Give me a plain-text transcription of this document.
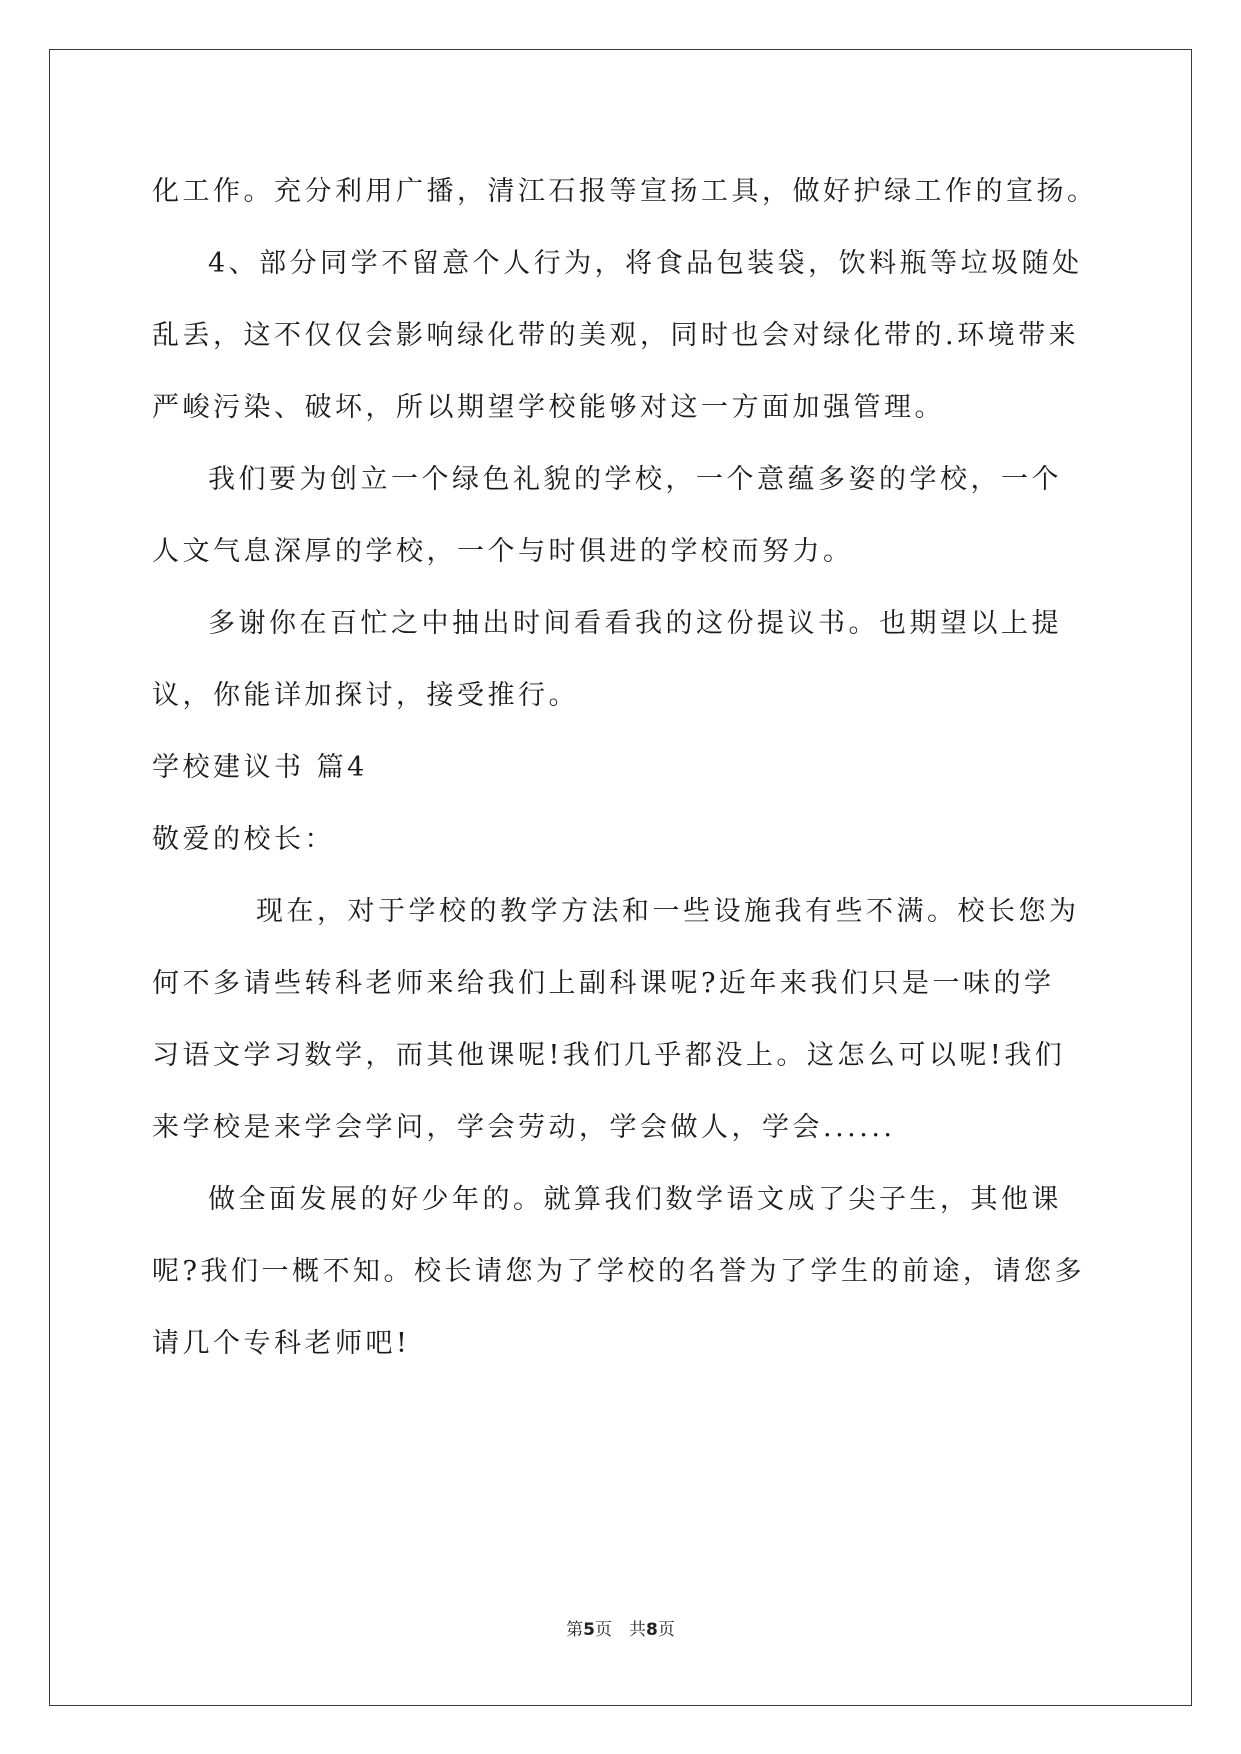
化工作。充分利用广播，清江石报等宣扬工具，做好护绿工作的宣扬。

4、部分同学不留意个人行为，将食品包装袋，饮料瓶等垃圾随处

乱丢，这不仅仅会影响绿化带的美观，同时也会对绿化带的.环境带来

严峻污染、破坏，所以期望学校能够对这一方面加强管理。

我们要为创立一个绿色礼貌的学校，一个意蕴多姿的学校，一个

人文气息深厚的学校，一个与时俱进的学校而努力。

多谢你在百忙之中抽出时间看看我的这份提议书。也期望以上提

议，你能详加探讨，接受推行。

学校建议书 篇4

敬爱的校长：

现在，对于学校的教学方法和一些设施我有些不满。校长您为

何不多请些转科老师来给我们上副科课呢?近年来我们只是一味的学

习语文学习数学，而其他课呢!我们几乎都没上。这怎么可以呢!我们

来学校是来学会学问，学会劳动，学会做人，学会......

做全面发展的好少年的。就算我们数学语文成了尖子生，其他课

呢?我们一概不知。校长请您为了学校的名誉为了学生的前途，请您多

请几个专科老师吧!

第5页　共8页
